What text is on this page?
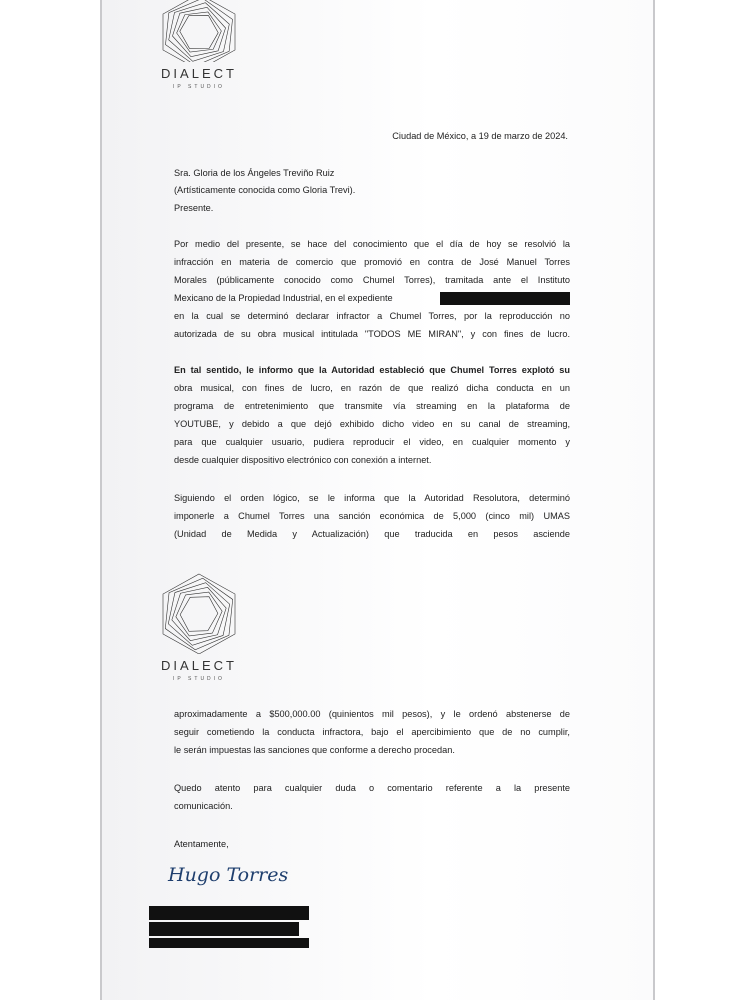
DIALECT
IP STUDIO
Ciudad de México, a 19 de marzo de 2024.
Sra. Gloria de los Ángeles Treviño Ruiz
(Artísticamente conocida como Gloria Trevi).
Presente.
Por medio del presente, se hace del conocimiento que el día de hoy se resolvió la
infracción en materia de comercio que promovió en contra de José Manuel Torres
Morales (públicamente conocido como Chumel Torres), tramitada ante el Instituto
Mexicano de la Propiedad Industrial, en el expediente
en la cual se determinó declarar infractor a Chumel Torres, por la reproducción no
autorizada de su obra musical intitulada "TODOS ME MIRAN", y con fines de lucro.
En tal sentido, le informo que la Autoridad estableció que Chumel Torres explotó su
obra musical, con fines de lucro, en razón de que realizó dicha conducta en un
programa de entretenimiento que transmite vía streaming en la plataforma de
YOUTUBE, y debido a que dejó exhibido dicho video en su canal de streaming,
para que cualquier usuario, pudiera reproducir el video, en cualquier momento y
desde cualquier dispositivo electrónico con conexión a internet.
Siguiendo el orden lógico, se le informa que la Autoridad Resolutora, determinó
imponerle a Chumel Torres una sanción económica de 5,000 (cinco mil) UMAS
(Unidad de Medida y Actualización) que traducida en pesos asciende
DIALECT
IP STUDIO
aproximadamente a $500,000.00 (quinientos mil pesos), y le ordenó abstenerse de
seguir cometiendo la conducta infractora, bajo el apercibimiento que de no cumplir,
le serán impuestas las sanciones que conforme a derecho procedan.
Quedo atento para cualquier duda o comentario referente a la presente
comunicación.
Atentamente,
Hugo Torres
